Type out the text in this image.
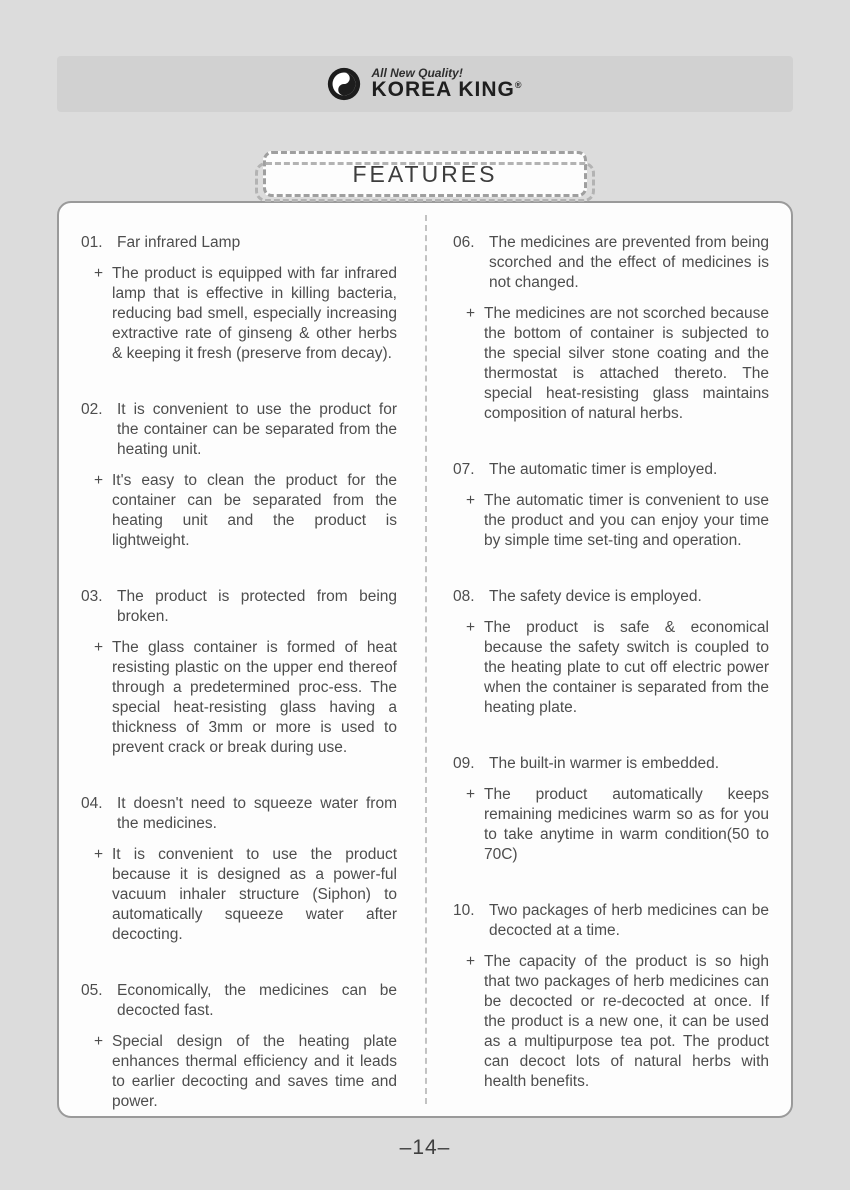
All New Quality!
KOREA KING®
FEATURES
01. Far infrared Lamp
+ The product is equipped with far infrared lamp that is effective in killing bacteria, reducing bad smell, especially increasing extractive rate of ginseng & other herbs & keeping it fresh (preserve from decay).
02. It is convenient to use the product for the container can be separated from the heating unit.
+ It's easy to clean the product for the container can be separated from the heating unit and the product is lightweight.
03. The product is protected from being broken.
+ The glass container is formed of heat resisting plastic on the upper end thereof through a predetermined proc-ess. The special heat-resisting glass having a thickness of 3mm or more is used to prevent crack or break during use.
04. It doesn't need to squeeze water from the medicines.
+ It is convenient to use the product because it is designed as a power-ful vacuum inhaler structure (Siphon) to automatically squeeze water after decocting.
05. Economically, the medicines can be decocted fast.
+ Special design of the heating plate enhances thermal efficiency and it leads to earlier decocting and saves time and power.
06. The medicines are prevented from being scorched and the effect of medicines is not changed.
+ The medicines are not scorched because the bottom of container is subjected to the special silver stone coating and the thermostat is attached thereto. The special heat-resisting glass maintains composition of natural herbs.
07. The automatic timer is employed.
+ The automatic timer is convenient to use the product and you can enjoy your time by simple time set-ting and operation.
08. The safety device is employed.
+ The product is safe & economical because the safety switch is coupled to the heating plate to cut off electric power when the container is separated from the heating plate.
09. The built-in warmer is embedded.
+ The product automatically keeps remaining medicines warm so as for you to take anytime in warm condition(50 to 70C)
10. Two packages of herb medicines can be decocted at a time.
+ The capacity of the product is so high that two packages of herb medicines can be decocted or re-decocted at once. If the product is a new one, it can be used as a multipurpose tea pot. The product can decoct lots of natural herbs with health benefits.
–14–
